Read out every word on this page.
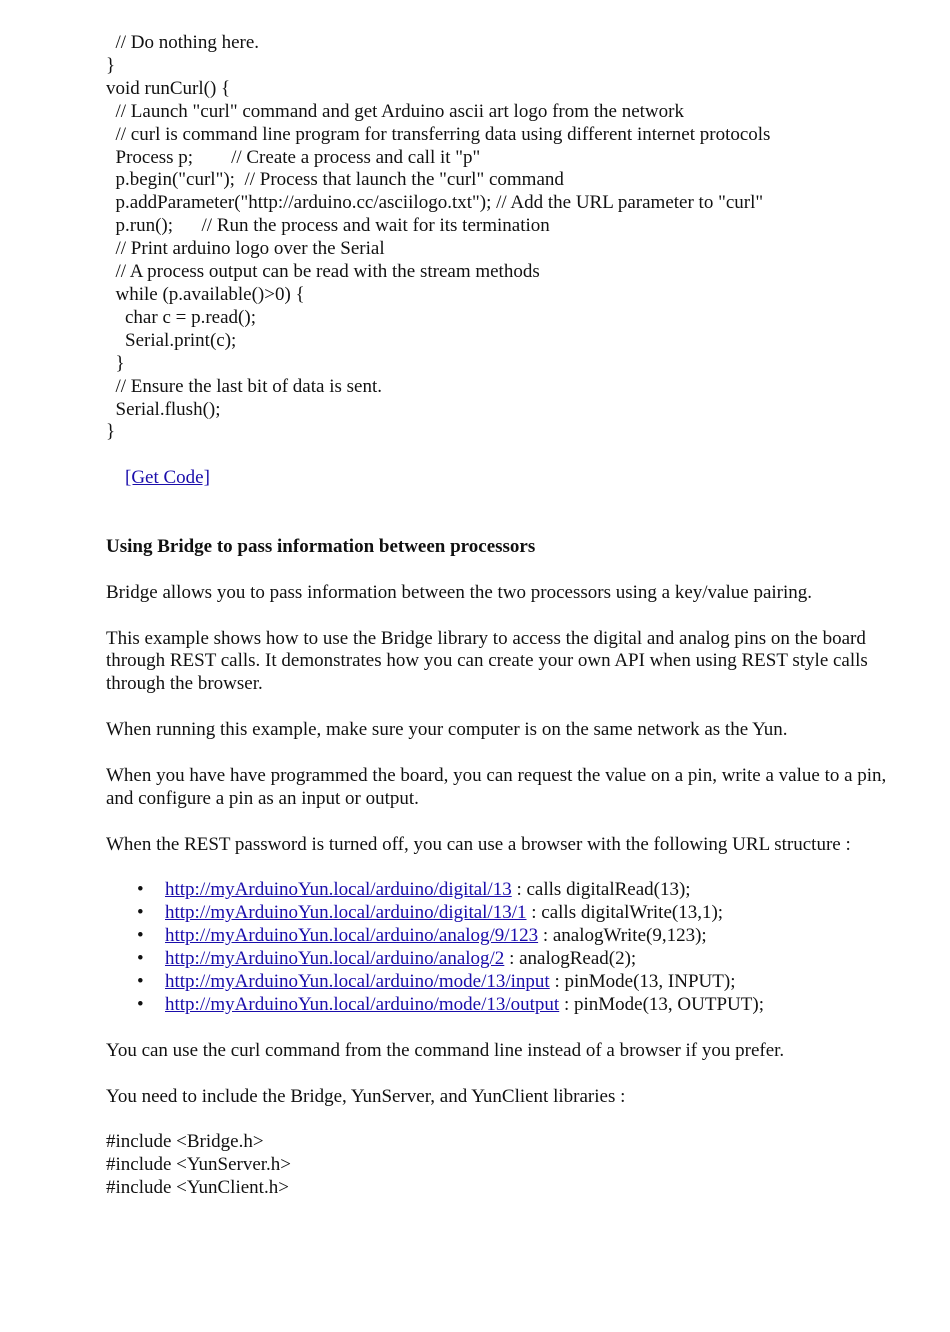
// Do nothing here.
}
void runCurl() {
// Launch "curl" command and get Arduino ascii art logo from the network
// curl is command line program for transferring data using different internet protocols
Process p;        // Create a process and call it "p"
p.begin("curl");  // Process that launch the "curl" command
p.addParameter("http://arduino.cc/asciilogo.txt"); // Add the URL parameter to "curl"
p.run();      // Run the process and wait for its termination
// Print arduino logo over the Serial
// A process output can be read with the stream methods
while (p.available()>0) {
char c = p.read();
Serial.print(c);
}
// Ensure the last bit of data is sent.
Serial.flush();
}

[Get Code]

Using Bridge to pass information between processors

Bridge allows you to pass information between the two processors using a key/value pairing.

This example shows how to use the Bridge library to access the digital and analog pins on the board through REST calls. It demonstrates how you can create your own API when using REST style calls through the browser.

When running this example, make sure your computer is on the same network as the Yun.

When you have have programmed the board, you can request the value on a pin, write a value to a pin, and configure a pin as an input or output.

When the REST password is turned off, you can use a browser with the following URL structure :

• http://myArduinoYun.local/arduino/digital/13 : calls digitalRead(13);
• http://myArduinoYun.local/arduino/digital/13/1 : calls digitalWrite(13,1);
• http://myArduinoYun.local/arduino/analog/9/123 : analogWrite(9,123);
• http://myArduinoYun.local/arduino/analog/2 : analogRead(2);
• http://myArduinoYun.local/arduino/mode/13/input : pinMode(13, INPUT);
• http://myArduinoYun.local/arduino/mode/13/output : pinMode(13, OUTPUT);

You can use the curl command from the command line instead of a browser if you prefer.

You need to include the Bridge, YunServer, and YunClient libraries :

#include <Bridge.h>
#include <YunServer.h>
#include <YunClient.h>
